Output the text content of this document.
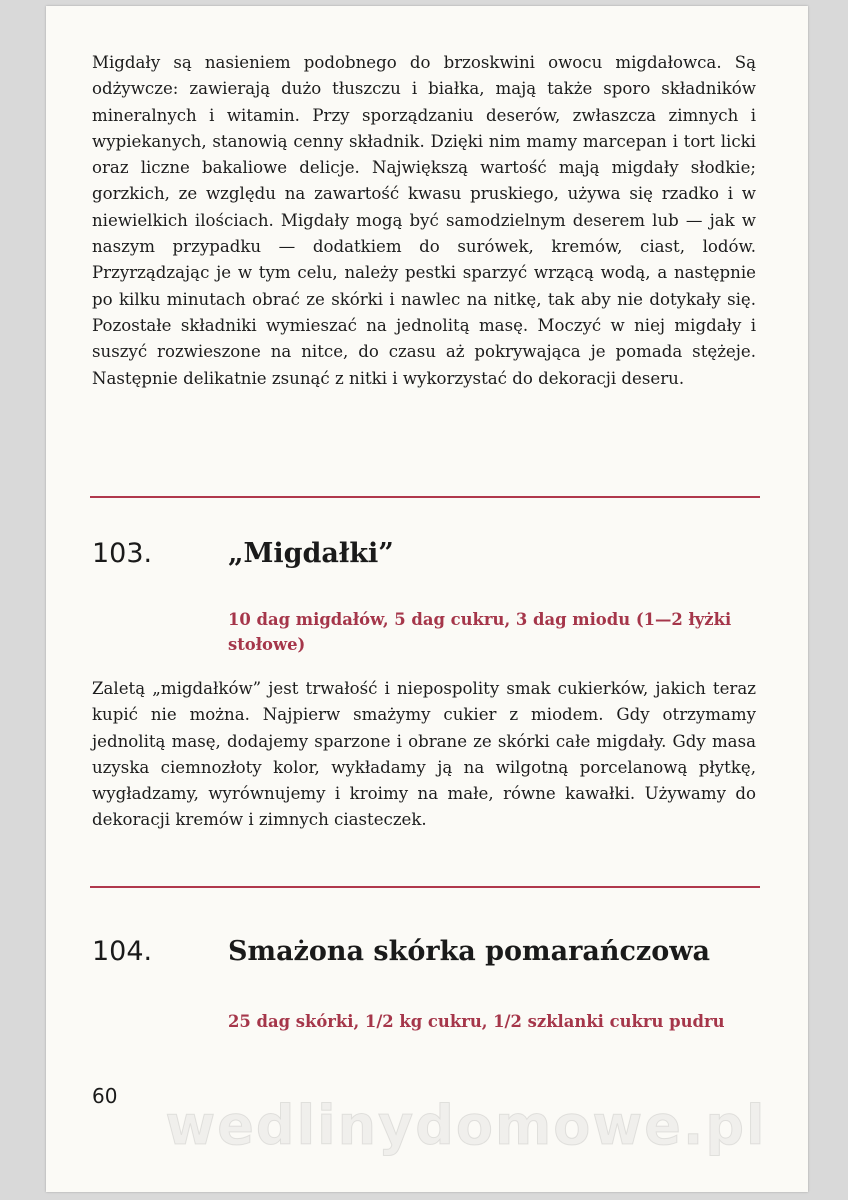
Migdały są nasieniem podobnego do brzoskwini owocu migdałowca. Są odżywcze: zawierają dużo tłuszczu i białka, mają także sporo składników mineralnych i witamin. Przy sporządzaniu deserów, zwłaszcza zimnych i wypiekanych, stanowią cenny składnik. Dzięki nim mamy marcepan i tort licki oraz liczne bakaliowe delicje. Największą wartość mają migdały słodkie; gorzkich, ze względu na zawartość kwasu pruskiego, używa się rzadko i w niewielkich ilościach. Migdały mogą być samodzielnym deserem lub — jak w naszym przypadku — dodatkiem do surówek, kremów, ciast, lodów. Przyrządzając je w tym celu, należy pestki sparzyć wrzącą wodą, a następnie po kilku minutach obrać ze skórki i nawlec na nitkę, tak aby nie dotykały się. Pozostałe składniki wymieszać na jednolitą masę. Moczyć w niej migdały i suszyć rozwieszone na nitce, do czasu aż pokrywająca je pomada stężeje. Następnie delikatnie zsunąć z nitki i wykorzystać do dekoracji deseru.

103.	„Migdałki”

10 dag migdałów, 5 dag cukru, 3 dag miodu (1—2 łyżki stołowe)

Zaletą „migdałków” jest trwałość i niepospolity smak cukierków, jakich teraz kupić nie można. Najpierw smażymy cukier z miodem. Gdy otrzymamy jednolitą masę, dodajemy sparzone i obrane ze skórki całe migdały. Gdy masa uzyska ciemnozłoty kolor, wykładamy ją na wilgotną porcelanową płytkę, wygładzamy, wyrównujemy i kroimy na małe, równe kawałki. Używamy do dekoracji kremów i zimnych ciasteczek.

104.	Smażona skórka pomarańczowa

25 dag skórki, 1/2 kg cukru, 1/2 szklanki cukru pudru

60 wedlinydomowe.pl
